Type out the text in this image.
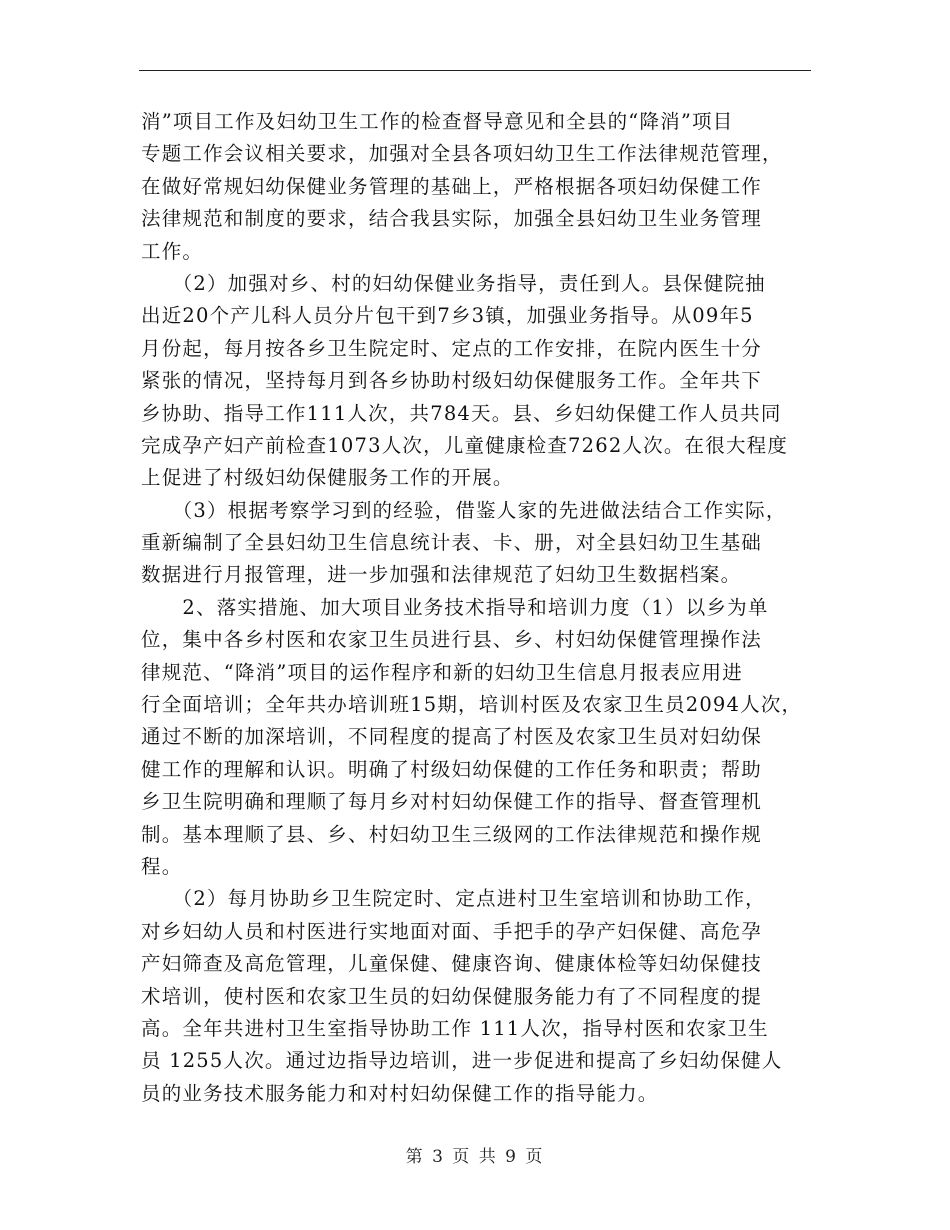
消”项目工作及妇幼卫生工作的检查督导意见和全县的“降消”项目
专题工作会议相关要求，加强对全县各项妇幼卫生工作法律规范管理，
在做好常规妇幼保健业务管理的基础上，严格根据各项妇幼保健工作
法律规范和制度的要求，结合我县实际，加强全县妇幼卫生业务管理
工作。
　　（2）加强对乡、村的妇幼保健业务指导，责任到人。县保健院抽
出近20个产儿科人员分片包干到7乡3镇，加强业务指导。从09年5
月份起，每月按各乡卫生院定时、定点的工作安排，在院内医生十分
紧张的情况，坚持每月到各乡协助村级妇幼保健服务工作。全年共下
乡协助、指导工作111人次，共784天。县、乡妇幼保健工作人员共同
完成孕产妇产前检查1073人次，儿童健康检查7262人次。在很大程度
上促进了村级妇幼保健服务工作的开展。
　　（3）根据考察学习到的经验，借鉴人家的先进做法结合工作实际，
重新编制了全县妇幼卫生信息统计表、卡、册，对全县妇幼卫生基础
数据进行月报管理，进一步加强和法律规范了妇幼卫生数据档案。
　　2、落实措施、加大项目业务技术指导和培训力度（1）以乡为单
位，集中各乡村医和农家卫生员进行县、乡、村妇幼保健管理操作法
律规范、“降消”项目的运作程序和新的妇幼卫生信息月报表应用进
行全面培训；全年共办培训班15期，培训村医及农家卫生员2094人次，
通过不断的加深培训，不同程度的提高了村医及农家卫生员对妇幼保
健工作的理解和认识。明确了村级妇幼保健的工作任务和职责；帮助
乡卫生院明确和理顺了每月乡对村妇幼保健工作的指导、督查管理机
制。基本理顺了县、乡、村妇幼卫生三级网的工作法律规范和操作规
程。
　　（2）每月协助乡卫生院定时、定点进村卫生室培训和协助工作，
对乡妇幼人员和村医进行实地面对面、手把手的孕产妇保健、高危孕
产妇筛查及高危管理，儿童保健、健康咨询、健康体检等妇幼保健技
术培训，使村医和农家卫生员的妇幼保健服务能力有了不同程度的提
高。全年共进村卫生室指导协助工作 111人次，指导村医和农家卫生
员 1255人次。通过边指导边培训，进一步促进和提高了乡妇幼保健人
员的业务技术服务能力和对村妇幼保健工作的指导能力。
第 3 页 共 9 页
